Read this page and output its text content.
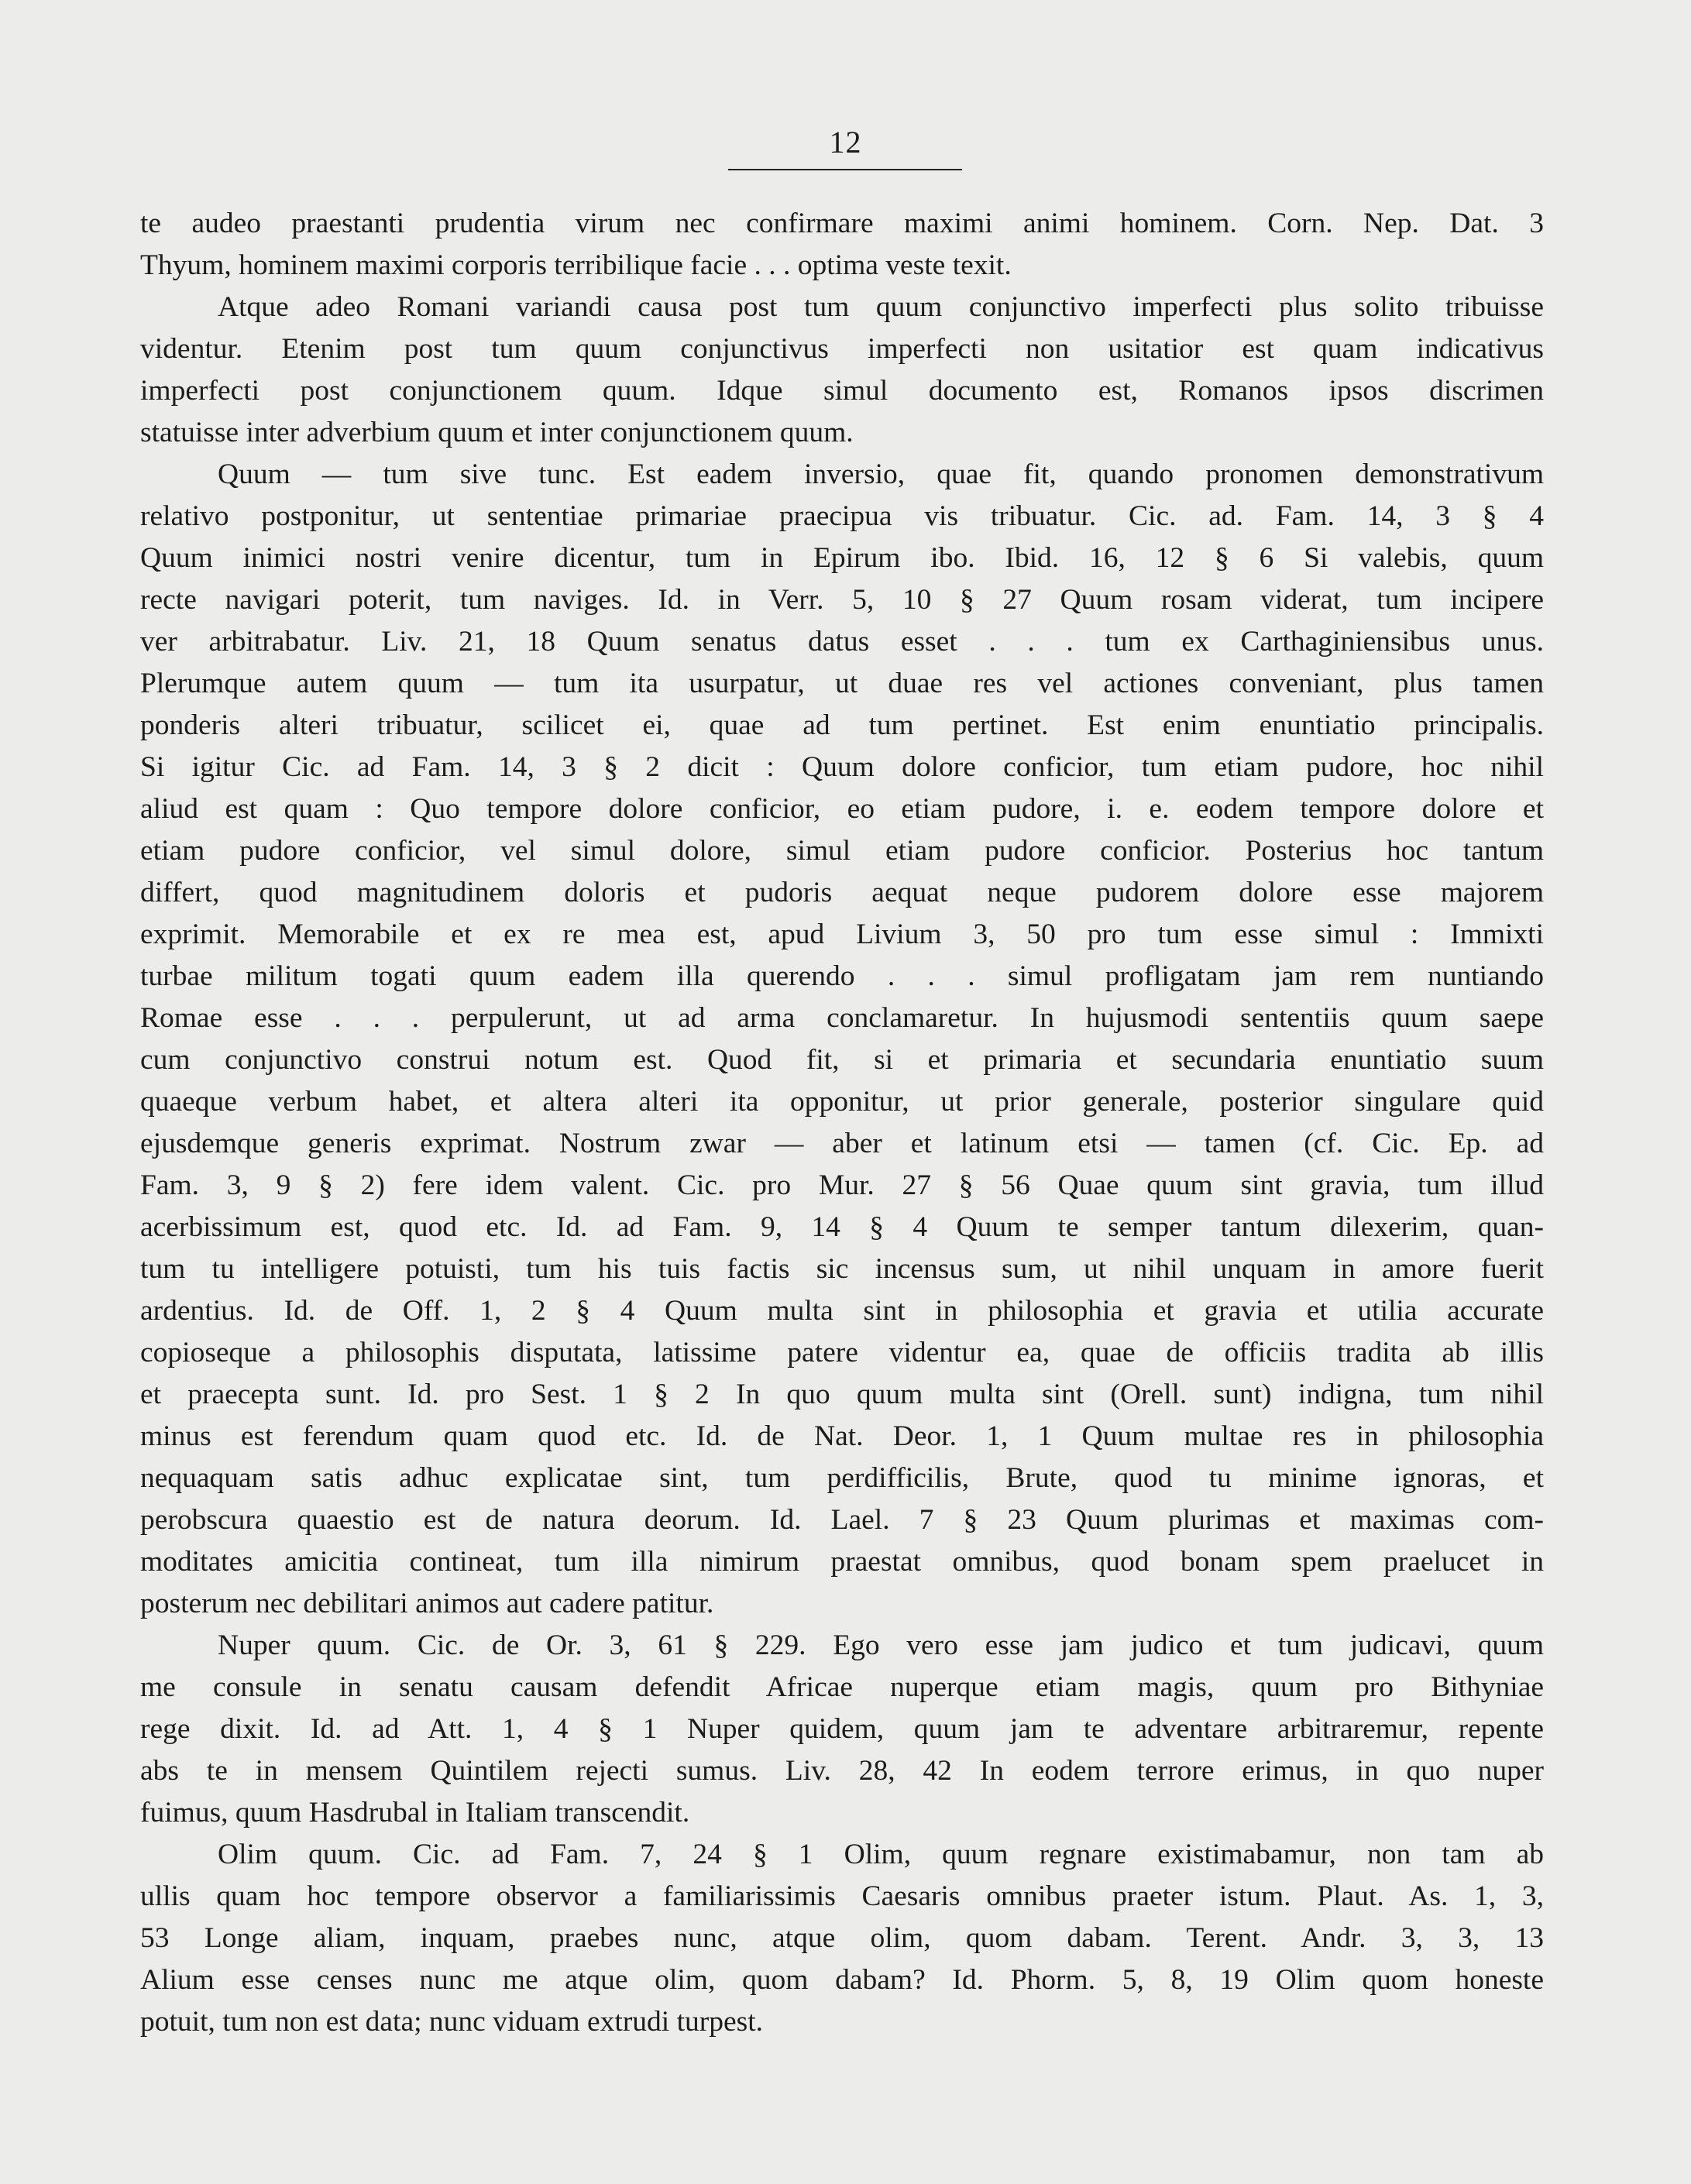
12
te audeo praestanti prudentia virum nec confirmare maximi animi hominem. Corn. Nep. Dat. 3
Thyum, hominem maximi corporis terribilique facie . . . optima veste texit.
Atque adeo Romani variandi causa post tum quum conjunctivo imperfecti plus solito tribuisse
videntur. Etenim post tum quum conjunctivus imperfecti non usitatior est quam indicativus
imperfecti post conjunctionem quum. Idque simul documento est, Romanos ipsos discrimen
statuisse inter adverbium quum et inter conjunctionem quum.
Quum — tum sive tunc. Est eadem inversio, quae fit, quando pronomen demonstrativum
relativo postponitur, ut sententiae primariae praecipua vis tribuatur. Cic. ad. Fam. 14, 3 § 4
Quum inimici nostri venire dicentur, tum in Epirum ibo. Ibid. 16, 12 § 6 Si valebis, quum
recte navigari poterit, tum naviges. Id. in Verr. 5, 10 § 27 Quum rosam viderat, tum incipere
ver arbitrabatur. Liv. 21, 18 Quum senatus datus esset . . . tum ex Carthaginiensibus unus.
Plerumque autem quum — tum ita usurpatur, ut duae res vel actiones conveniant, plus tamen
ponderis alteri tribuatur, scilicet ei, quae ad tum pertinet. Est enim enuntiatio principalis.
Si igitur Cic. ad Fam. 14, 3 § 2 dicit : Quum dolore conficior, tum etiam pudore, hoc nihil
aliud est quam : Quo tempore dolore conficior, eo etiam pudore, i. e. eodem tempore dolore et
etiam pudore conficior, vel simul dolore, simul etiam pudore conficior. Posterius hoc tantum
differt, quod magnitudinem doloris et pudoris aequat neque pudorem dolore esse majorem
exprimit. Memorabile et ex re mea est, apud Livium 3, 50 pro tum esse simul : Immixti
turbae militum togati quum eadem illa querendo . . . simul profligatam jam rem nuntiando
Romae esse . . . perpulerunt, ut ad arma conclamaretur. In hujusmodi sententiis quum saepe
cum conjunctivo construi notum est. Quod fit, si et primaria et secundaria enuntiatio suum
quaeque verbum habet, et altera alteri ita opponitur, ut prior generale, posterior singulare quid
ejusdemque generis exprimat. Nostrum zwar — aber et latinum etsi — tamen (cf. Cic. Ep. ad
Fam. 3, 9 § 2) fere idem valent. Cic. pro Mur. 27 § 56 Quae quum sint gravia, tum illud
acerbissimum est, quod etc. Id. ad Fam. 9, 14 § 4 Quum te semper tantum dilexerim, quan-
tum tu intelligere potuisti, tum his tuis factis sic incensus sum, ut nihil unquam in amore fuerit
ardentius. Id. de Off. 1, 2 § 4 Quum multa sint in philosophia et gravia et utilia accurate
copioseque a philosophis disputata, latissime patere videntur ea, quae de officiis tradita ab illis
et praecepta sunt. Id. pro Sest. 1 § 2 In quo quum multa sint (Orell. sunt) indigna, tum nihil
minus est ferendum quam quod etc. Id. de Nat. Deor. 1, 1 Quum multae res in philosophia
nequaquam satis adhuc explicatae sint, tum perdifficilis, Brute, quod tu minime ignoras, et
perobscura quaestio est de natura deorum. Id. Lael. 7 § 23 Quum plurimas et maximas com-
moditates amicitia contineat, tum illa nimirum praestat omnibus, quod bonam spem praelucet in
posterum nec debilitari animos aut cadere patitur.
Nuper quum. Cic. de Or. 3, 61 § 229. Ego vero esse jam judico et tum judicavi, quum
me consule in senatu causam defendit Africae nuperque etiam magis, quum pro Bithyniae
rege dixit. Id. ad Att. 1, 4 § 1 Nuper quidem, quum jam te adventare arbitraremur, repente
abs te in mensem Quintilem rejecti sumus. Liv. 28, 42 In eodem terrore erimus, in quo nuper
fuimus, quum Hasdrubal in Italiam transcendit.
Olim quum. Cic. ad Fam. 7, 24 § 1 Olim, quum regnare existimabamur, non tam ab
ullis quam hoc tempore observor a familiarissimis Caesaris omnibus praeter istum. Plaut. As. 1, 3,
53 Longe aliam, inquam, praebes nunc, atque olim, quom dabam. Terent. Andr. 3, 3, 13
Alium esse censes nunc me atque olim, quom dabam? Id. Phorm. 5, 8, 19 Olim quom honeste
potuit, tum non est data; nunc viduam extrudi turpest.
